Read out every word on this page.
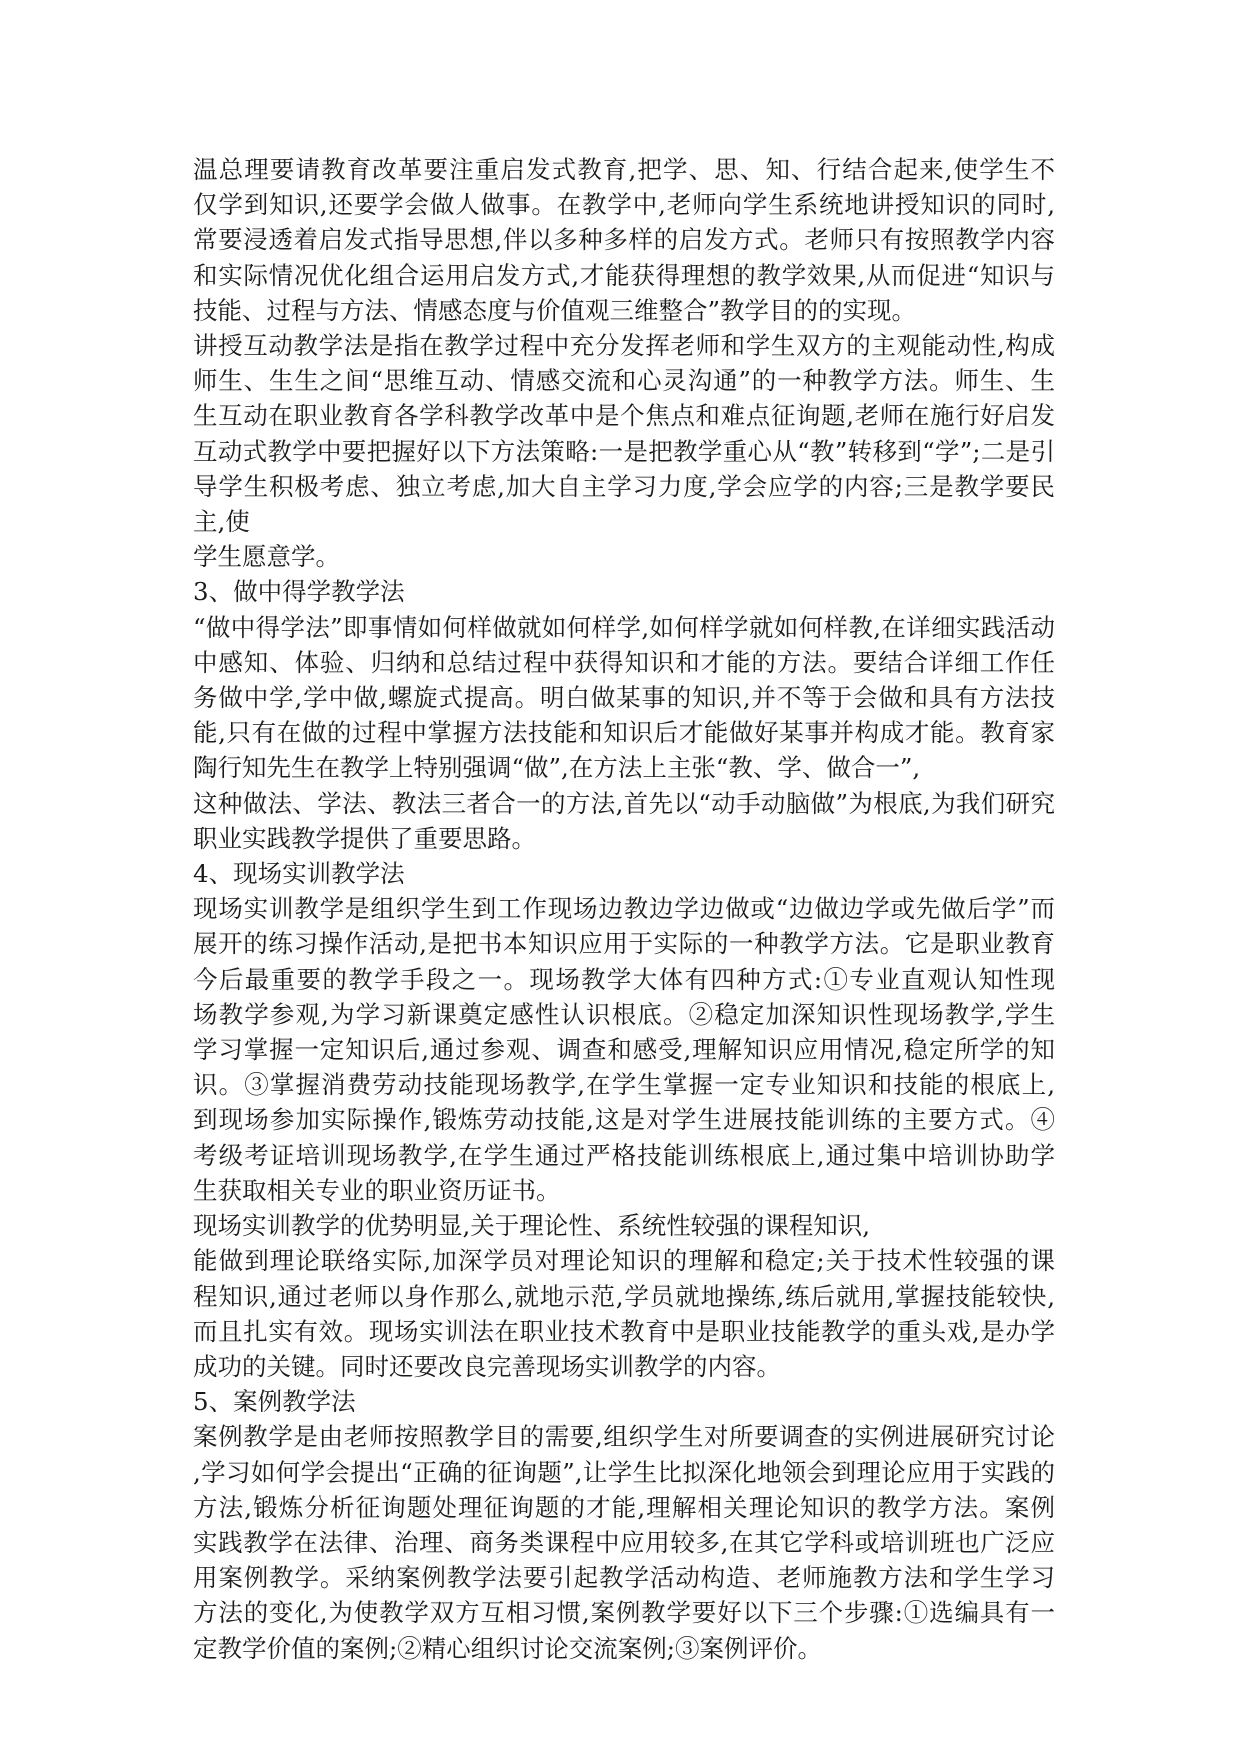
温总理要请教育改革要注重启发式教育,把学、思、知、行结合起来,使学生不
仅学到知识,还要学会做人做事。在教学中,老师向学生系统地讲授知识的同时,
常要浸透着启发式指导思想,伴以多种多样的启发方式。老师只有按照教学内容
和实际情况优化组合运用启发方式,才能获得理想的教学效果,从而促进“知识与
技能、过程与方法、情感态度与价值观三维整合”教学目的的实现。
讲授互动教学法是指在教学过程中充分发挥老师和学生双方的主观能动性,构成
师生、生生之间“思维互动、情感交流和心灵沟通”的一种教学方法。师生、生
生互动在职业教育各学科教学改革中是个焦点和难点征询题,老师在施行好启发
互动式教学中要把握好以下方法策略:一是把教学重心从“教”转移到“学”;二是引
导学生积极考虑、独立考虑,加大自主学习力度,学会应学的内容;三是教学要民
主,使
学生愿意学。
3、做中得学教学法
“做中得学法”即事情如何样做就如何样学,如何样学就如何样教,在详细实践活动
中感知、体验、归纳和总结过程中获得知识和才能的方法。要结合详细工作任
务做中学,学中做,螺旋式提高。明白做某事的知识,并不等于会做和具有方法技
能,只有在做的过程中掌握方法技能和知识后才能做好某事并构成才能。教育家
陶行知先生在教学上特别强调“做”,在方法上主张“教、学、做合一”,
这种做法、学法、教法三者合一的方法,首先以“动手动脑做”为根底,为我们研究
职业实践教学提供了重要思路。
4、现场实训教学法
现场实训教学是组织学生到工作现场边教边学边做或“边做边学或先做后学”而
展开的练习操作活动,是把书本知识应用于实际的一种教学方法。它是职业教育
今后最重要的教学手段之一。现场教学大体有四种方式:①专业直观认知性现
场教学参观,为学习新课奠定感性认识根底。②稳定加深知识性现场教学,学生
学习掌握一定知识后,通过参观、调查和感受,理解知识应用情况,稳定所学的知
识。③掌握消费劳动技能现场教学,在学生掌握一定专业知识和技能的根底上,
到现场参加实际操作,锻炼劳动技能,这是对学生进展技能训练的主要方式。④
考级考证培训现场教学,在学生通过严格技能训练根底上,通过集中培训协助学
生获取相关专业的职业资历证书。
现场实训教学的优势明显,关于理论性、系统性较强的课程知识,
能做到理论联络实际,加深学员对理论知识的理解和稳定;关于技术性较强的课
程知识,通过老师以身作那么,就地示范,学员就地操练,练后就用,掌握技能较快,
而且扎实有效。现场实训法在职业技术教育中是职业技能教学的重头戏,是办学
成功的关键。同时还要改良完善现场实训教学的内容。
5、案例教学法
案例教学是由老师按照教学目的需要,组织学生对所要调查的实例进展研究讨论
,学习如何学会提出“正确的征询题”,让学生比拟深化地领会到理论应用于实践的
方法,锻炼分析征询题处理征询题的才能,理解相关理论知识的教学方法。案例
实践教学在法律、治理、商务类课程中应用较多,在其它学科或培训班也广泛应
用案例教学。采纳案例教学法要引起教学活动构造、老师施教方法和学生学习
方法的变化,为使教学双方互相习惯,案例教学要好以下三个步骤:①选编具有一
定教学价值的案例;②精心组织讨论交流案例;③案例评价。
